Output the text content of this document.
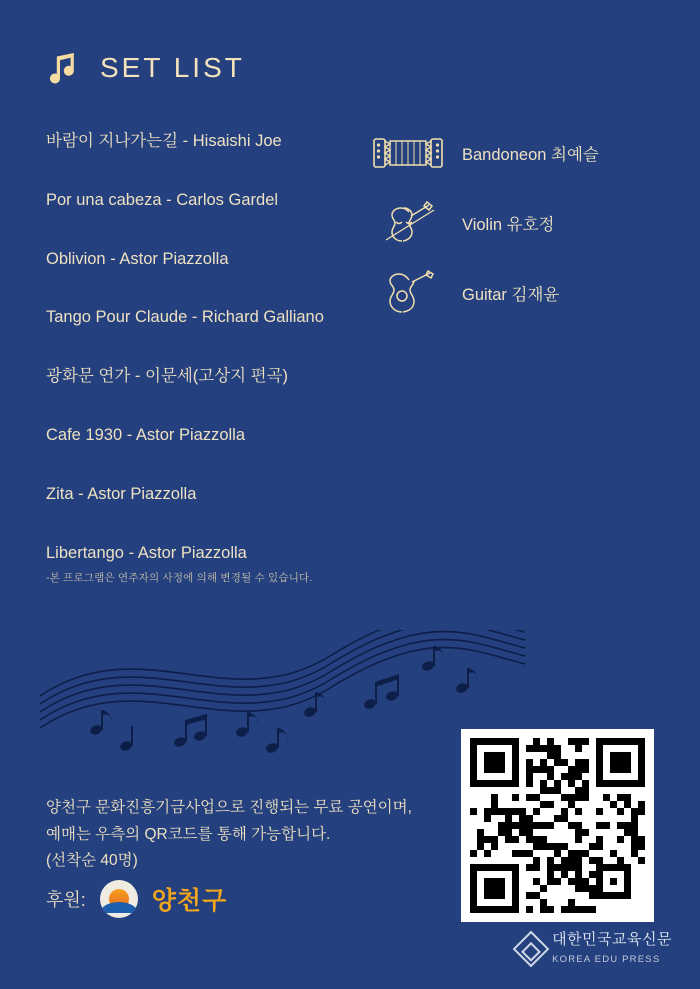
SET LIST
바람이 지나가는길 - Hisaishi Joe
Por una cabeza - Carlos Gardel
Oblivion - Astor Piazzolla
Tango Pour Claude - Richard Galliano
광화문 연가 - 이문세(고상지 편곡)
Cafe 1930 - Astor Piazzolla
Zita - Astor Piazzolla
Libertango - Astor Piazzolla
-본 프로그램은 연주자의 사정에 의해 변경될 수 있습니다.
Bandoneon 최예슬
Violin 유호정
Guitar 김재윤
양천구 문화진흥기금사업으로 진행되는 무료 공연이며,
예매는 우측의 QR코드를 통해 가능합니다.
(선착순 40명)
후원:	양천구
대한민국교육신문
KOREA EDU PRESS
